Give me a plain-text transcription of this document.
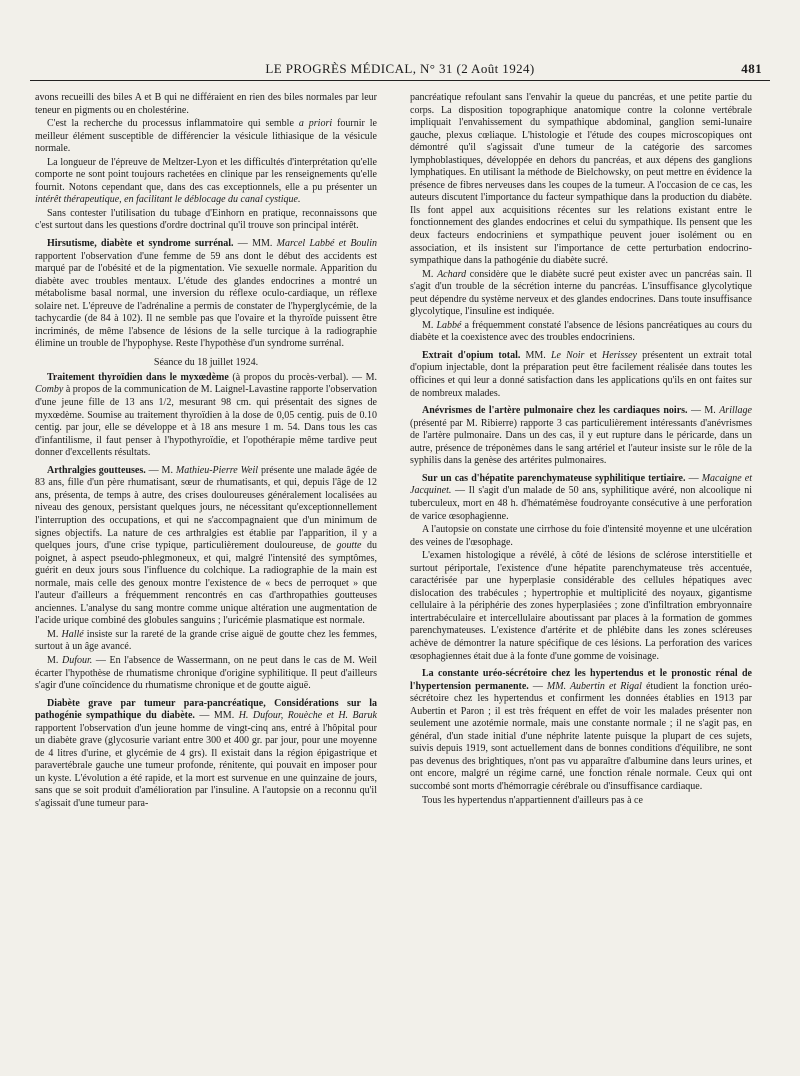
LE PROGRÈS MÉDICAL, N° 31 (2 Août 1924)	481

avons recueilli des biles A et B qui ne différaient en rien des biles normales par leur teneur en pigments ou en cholestérine.

C'est la recherche du processus inflammatoire qui semble a priori fournir le meilleur élément susceptible de différencier la vésicule lithiasique de la vésicule normale.

La longueur de l'épreuve de Meltzer-Lyon et les difficultés d'interprétation qu'elle comporte ne sont point toujours rachetées en clinique par les renseignements qu'elle fournit. Notons cependant que, dans des cas exceptionnels, elle a pu présenter un intérêt thérapeutique, en facilitant le déblocage du canal cystique.

Sans contester l'utilisation du tubage d'Einhorn en pratique, reconnaissons que c'est surtout dans les questions d'ordre doctrinal qu'il trouve son principal intérêt.

Hirsutisme, diabète et syndrome surrénal. — MM. Marcel Labbé et Boulin rapportent l'observation d'une femme de 59 ans dont le début des accidents est marqué par de l'obésité et de la pigmentation. Vie sexuelle normale. Apparition du diabète avec troubles mentaux. L'étude des glandes endocrines a montré un métabolisme basal normal, une inversion du réflexe oculo-cardiaque, un réflexe solaire net. L'épreuve de l'adrénaline a permis de constater de l'hyperglycémie, de la tachycardie (de 84 à 102). Il ne semble pas que l'ovaire et la thyroïde puissent être incriminés, de même l'absence de lésions de la selle turcique à la radiographie élimine un trouble de l'hypophyse. Reste l'hypothèse d'un syndrome surrénal.

Séance du 18 juillet 1924.

Traitement thyroïdien dans le myxœdème (à propos du procès-verbal). — M. Comby à propos de la communication de M. Laignel-Lavastine rapporte l'observation d'une jeune fille de 13 ans 1/2, mesurant 98 cm. qui présentait des signes de myxœdème. Soumise au traitement thyroïdien à la dose de 0,05 centig. puis de 0.10 centig. par jour, elle se développe et à 18 ans mesure 1 m. 54. Dans tous les cas d'infantilisme, il faut penser à l'hypothyroïdie, et l'opothérapie même tardive peut donner d'excellents résultats.

Arthralgies goutteuses. — M. Mathieu-Pierre Weil présente une malade âgée de 83 ans, fille d'un père rhumatisant, sœur de rhumatisants, et qui, depuis l'âge de 12 ans, présenta, de temps à autre, des crises douloureuses généralement localisées au niveau des genoux, persistant quelques jours, ne nécessitant qu'exceptionnellement l'interruption des occupations, et qui ne s'accompagnaient que d'un minimum de signes objectifs. La nature de ces arthralgies est établie par l'apparition, il y a quelques jours, d'une crise typique, particulièrement douloureuse, de goutte du poignet, à aspect pseudo-phlegmoneux, et qui, malgré l'intensité des symptômes, guérit en deux jours sous l'influence du colchique. La radiographie de la main est normale, mais celle des genoux montre l'existence de « becs de perroquet » que l'auteur d'ailleurs a fréquemment rencontrés en cas d'arthropathies goutteuses anciennes. L'analyse du sang montre comme unique altération une augmentation de l'acide urique combiné des globules sanguins ; l'uricémie plasmatique est normale.

M. Hallé insiste sur la rareté de la grande crise aiguë de goutte chez les femmes, surtout à un âge avancé.

M. Dufour. — En l'absence de Wassermann, on ne peut dans le cas de M. Weil écarter l'hypothèse de rhumatisme chronique d'origine syphilitique. Il peut d'ailleurs s'agir d'une coïncidence du rhumatisme chronique et de goutte aiguë.

Diabète grave par tumeur para-pancréatique, Considérations sur la pathogénie sympathique du diabète. — MM. H. Dufour, Rouèche et H. Baruk rapportent l'observation d'un jeune homme de vingt-cinq ans, entré à l'hôpital pour un diabète grave (glycosurie variant entre 300 et 400 gr. par jour, pour une moyenne de 4 litres d'urine, et glycémie de 4 grs). Il existait dans la région épigastrique et paravertébrale gauche une tumeur profonde, rénitente, qui pouvait en imposer pour un kyste. L'évolution a été rapide, et la mort est survenue en une quinzaine de jours, sans que se soit produit d'amélioration par l'insuline. A l'autopsie on a reconnu qu'il s'agissait d'une tumeur para-

pancréatique refoulant sans l'envahir la queue du pancréas, et une petite partie du corps. La disposition topographique anatomique contre la colonne vertébrale impliquait l'envahissement du sympathique abdominal, ganglion semi-lunaire gauche, plexus cœliaque. L'histologie et l'étude des coupes microscopiques ont démontré qu'il s'agissait d'une tumeur de la catégorie des sarcomes lymphoblastiques, développée en dehors du pancréas, et aux dépens des ganglions lymphatiques. En utilisant la méthode de Bielchowsky, on peut mettre en évidence la présence de fibres nerveuses dans les coupes de la tumeur. A l'occasion de ce cas, les auteurs discutent l'importance du facteur sympathique dans la production du diabète. Ils font appel aux acquisitions récentes sur les relations existant entre le fonctionnement des glandes endocrines et celui du sympathique. Ils pensent que les deux facteurs endocriniens et sympathique peuvent jouer isolément ou en association, et ils insistent sur l'importance de cette perturbation endocrino-sympathique dans la pathogénie du diabète sucré.

M. Achard considère que le diabète sucré peut exister avec un pancréas sain. Il s'agit d'un trouble de la sécrétion interne du pancréas. L'insuffisance glycolytique peut dépendre du système nerveux et des glandes endocrines. Dans toute insuffisance glycolytique, l'insuline est indiquée.

M. Labbé a fréquemment constaté l'absence de lésions pancréatiques au cours du diabète et la coexistence avec des troubles endocriniens.

Extrait d'opium total. MM. Le Noir et Herissey présentent un extrait total d'opium injectable, dont la préparation peut être facilement réalisée dans toutes les officines et qui leur a donné satisfaction dans les applications qu'ils en ont faites sur de nombreux malades.

Anévrismes de l'artère pulmonaire chez les cardiaques noirs. — M. Arillage (présenté par M. Ribierre) rapporte 3 cas particulièrement intéressants d'anévrismes de l'artère pulmonaire. Dans un des cas, il y eut rupture dans le péricarde, dans un autre, présence de tréponèmes dans le sang artériel et l'auteur insiste sur le rôle de la syphilis dans la genèse des artérites pulmonaires.

Sur un cas d'hépatite parenchymateuse syphilitique tertiaire. — Macaigne et Jacquinet. — Il s'agit d'un malade de 50 ans, syphilitique avéré, non alcoolique ni tuberculeux, mort en 48 h. d'hématémèse foudroyante consécutive à une perforation de varice œsophagienne.

A l'autopsie on constate une cirrhose du foie d'intensité moyenne et une ulcération des veines de l'œsophage.

L'examen histologique a révélé, à côté de lésions de sclérose interstitielle et surtout périportale, l'existence d'une hépatite parenchymateuse très accentuée, caractérisée par une hyperplasie considérable des cellules hépatiques avec dislocation des trabécules ; hypertrophie et multiplicité des noyaux, gigantisme cellulaire à la périphérie des zones hyperplasiées ; zone d'infiltration embryonnaire intertrabéculaire et intercellulaire aboutissant par places à la formation de gommes parenchymateuses. L'existence d'artérite et de phlébite dans les zones scléreuses achève de démontrer la nature spécifique de ces lésions. La perforation des varices œsophagiennes était due à la fonte d'une gomme de voisinage.

La constante uréo-sécrétoire chez les hypertendus et le pronostic rénal de l'hypertension permanente. — MM. Aubertin et Rigal étudient la fonction uréo-sécrétoire chez les hypertendus et confirment les données établies en 1913 par Aubertin et Paron ; il est très fréquent en effet de voir les malades présenter non seulement une azotémie normale, mais une constante normale ; il ne s'agit pas, en général, d'un stade initial d'une néphrite latente puisque la plupart de ces sujets, suivis depuis 1919, sont actuellement dans de bonnes conditions d'équilibre, ne sont pas devenus des brightiques, n'ont pas vu apparaître d'albumine dans leurs urines, et ont encore, malgré un régime carné, une fonction rénale normale. Ceux qui ont succombé sont morts d'hémorragie cérébrale ou d'insuffisance cardiaque.

Tous les hypertendus n'appartiennent d'ailleurs pas à ce
